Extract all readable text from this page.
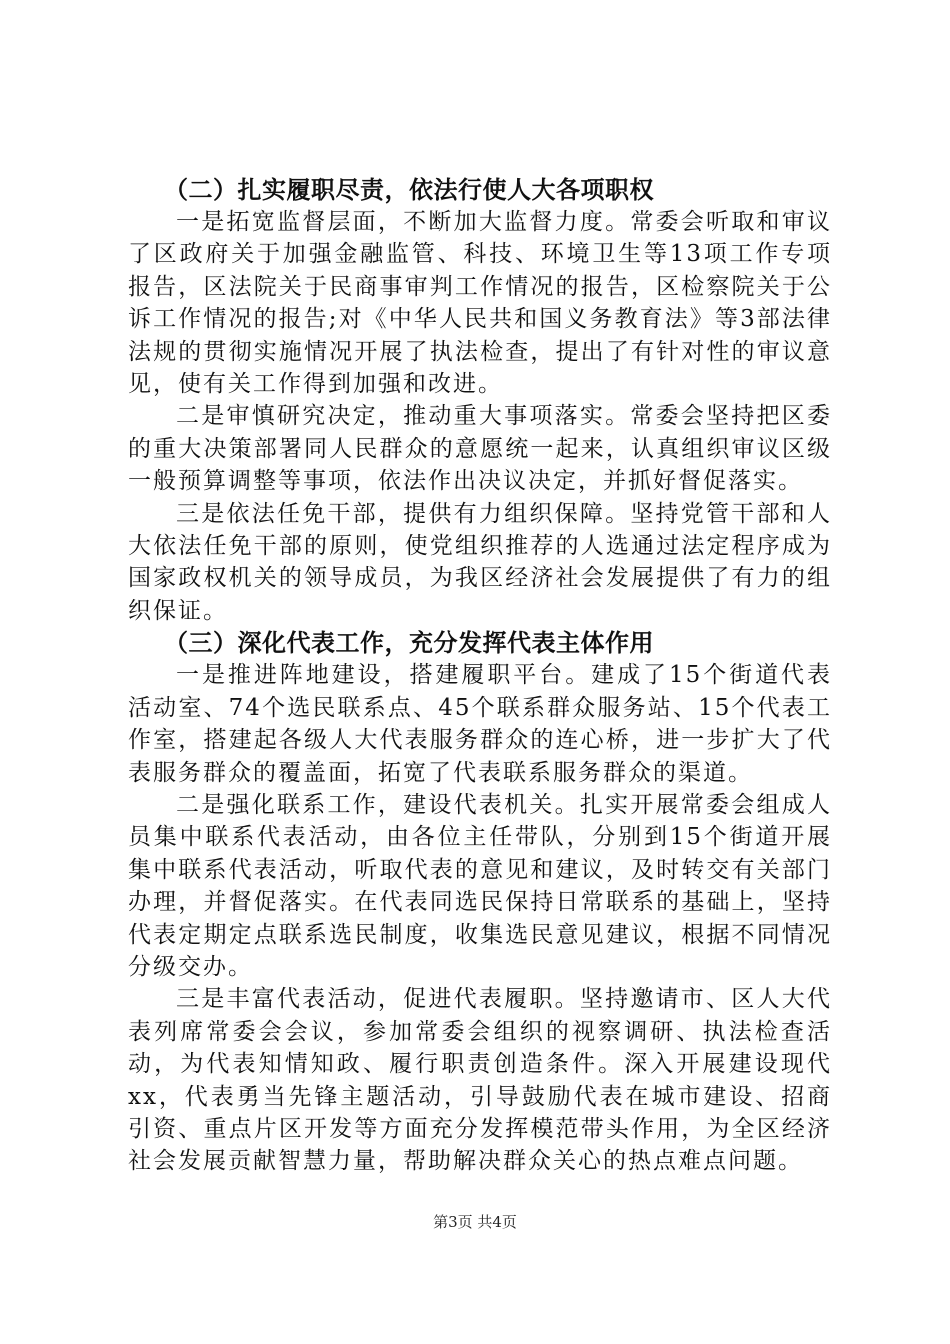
（二）扎实履职尽责，依法行使人大各项职权

一是拓宽监督层面，不断加大监督力度。常委会听取和审议了区政府关于加强金融监管、科技、环境卫生等13项工作专项报告，区法院关于民商事审判工作情况的报告，区检察院关于公诉工作情况的报告;对《中华人民共和国义务教育法》等3部法律法规的贯彻实施情况开展了执法检查，提出了有针对性的审议意见，使有关工作得到加强和改进。

二是审慎研究决定，推动重大事项落实。常委会坚持把区委的重大决策部署同人民群众的意愿统一起来，认真组织审议区级一般预算调整等事项，依法作出决议决定，并抓好督促落实。

三是依法任免干部，提供有力组织保障。坚持党管干部和人大依法任免干部的原则，使党组织推荐的人选通过法定程序成为国家政权机关的领导成员，为我区经济社会发展提供了有力的组织保证。

（三）深化代表工作，充分发挥代表主体作用

一是推进阵地建设，搭建履职平台。建成了15个街道代表活动室、74个选民联系点、45个联系群众服务站、15个代表工作室，搭建起各级人大代表服务群众的连心桥，进一步扩大了代表服务群众的覆盖面，拓宽了代表联系服务群众的渠道。

二是强化联系工作，建设代表机关。扎实开展常委会组成人员集中联系代表活动，由各位主任带队，分别到15个街道开展集中联系代表活动，听取代表的意见和建议，及时转交有关部门办理，并督促落实。在代表同选民保持日常联系的基础上，坚持代表定期定点联系选民制度，收集选民意见建议，根据不同情况分级交办。

三是丰富代表活动，促进代表履职。坚持邀请市、区人大代表列席常委会会议，参加常委会组织的视察调研、执法检查活动，为代表知情知政、履行职责创造条件。深入开展建设现代xx，代表勇当先锋主题活动，引导鼓励代表在城市建设、招商引资、重点片区开发等方面充分发挥模范带头作用，为全区经济社会发展贡献智慧力量，帮助解决群众关心的热点难点问题。

第3页 共4页
